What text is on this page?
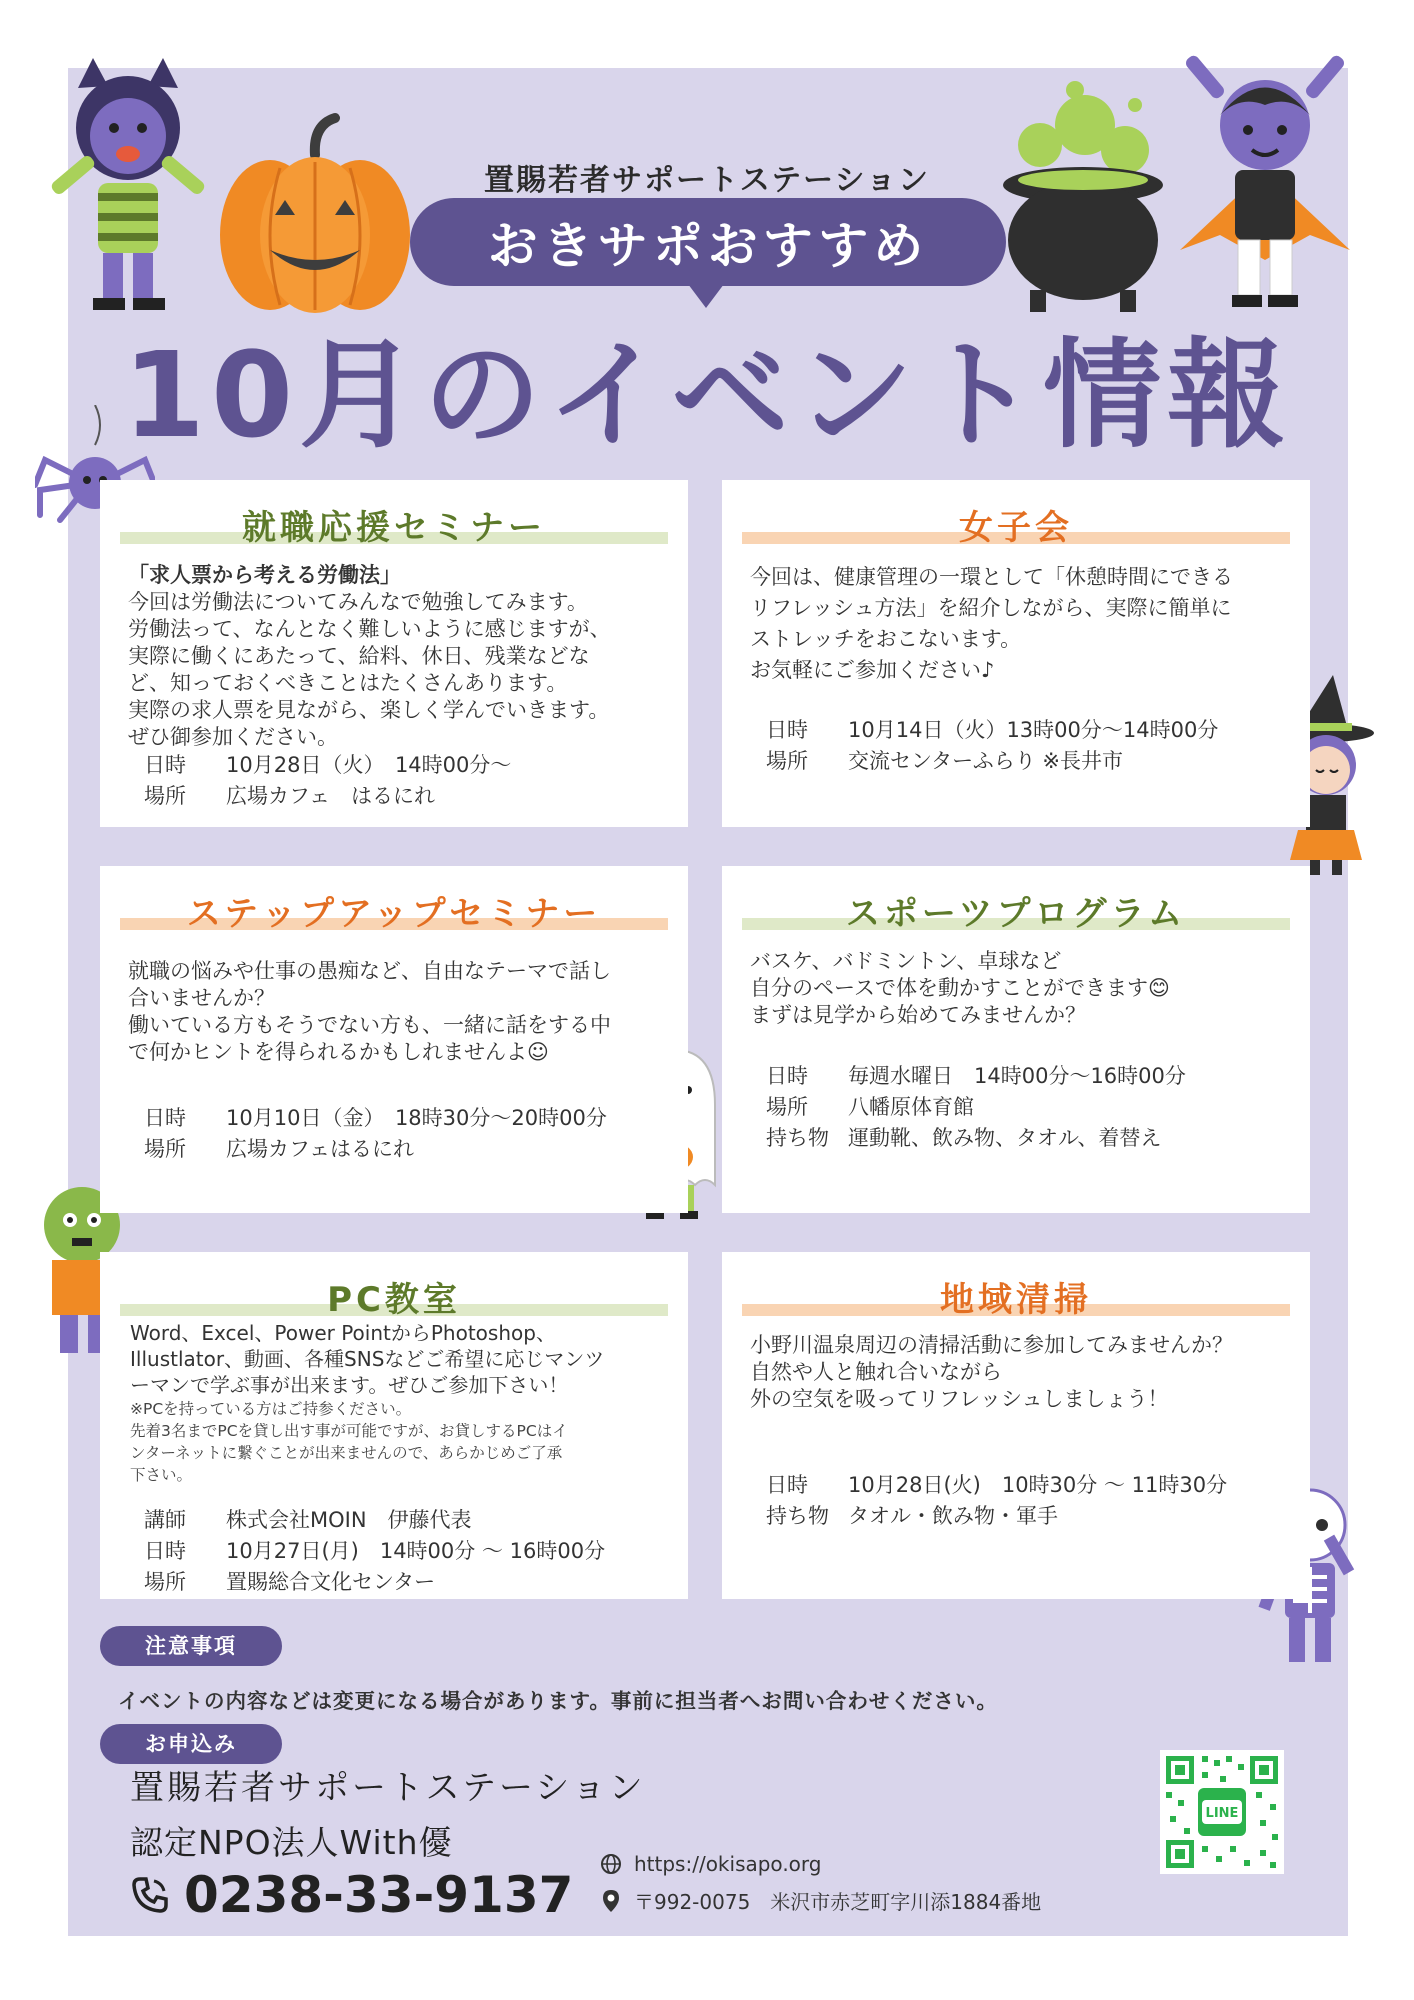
置賜若者サポートステーション
おきサポおすすめ
10月のイベント情報
就職応援セミナー
「求人票から考える労働法」
今回は労働法についてみんなで勉強してみます。
労働法って、なんとなく難しいように感じますが、
実際に働くにあたって、給料、休日、残業などな
ど、知っておくべきことはたくさんあります。
実際の求人票を見ながら、楽しく学んでいきます。
ぜひ御参加ください。
日時	10月28日（火）　14時00分～
場所	広場カフェ　はるにれ
女子会
今回は、健康管理の一環として「休憩時間にできる
リフレッシュ方法」を紹介しながら、実際に簡単に
ストレッチをおこないます。
お気軽にご参加ください♪
日時	10月14日（火）13時00分～14時00分
場所	交流センターふらり ※長井市
ステップアップセミナー
就職の悩みや仕事の愚痴など、自由なテーマで話し
合いませんか？
働いている方もそうでない方も、一緒に話をする中
で何かヒントを得られるかもしれませんよ☺
日時	10月10日（金）　18時30分～20時00分
場所	広場カフェはるにれ
スポーツプログラム
バスケ、バドミントン、卓球など
自分のペースで体を動かすことができます😊
まずは見学から始めてみませんか？
日時	毎週水曜日　14時00分～16時00分
場所	八幡原体育館
持ち物 運動靴、飲み物、タオル、着替え
PC教室
Word、Excel、Power PointからPhotoshop、
Illustlator、動画、各種SNSなどご希望に応じマンツ
ーマンで学ぶ事が出来ます。ぜひご参加下さい！
※PCを持っている方はご持参ください。
先着3名までPCを貸し出す事が可能ですが、お貸しするPCはイ
ンターネットに繋ぐことが出来ませんので、あらかじめご了承
下さい。
講師	株式会社MOIN　伊藤代表
日時	10月27日(月)　14時00分 ～ 16時00分
場所	置賜総合文化センター
地域清掃
小野川温泉周辺の清掃活動に参加してみませんか？
自然や人と触れ合いながら
外の空気を吸ってリフレッシュしましょう！
日時	10月28日(火)　10時30分 ～ 11時30分
持ち物 タオル・飲み物・軍手
注意事項
イベントの内容などは変更になる場合があります。事前に担当者へお問い合わせください。
お申込み
置賜若者サポートステーション
認定NPO法人With優
0238-33-9137
https://okisapo.org
〒992-0075　米沢市赤芝町字川添1884番地
LINE
